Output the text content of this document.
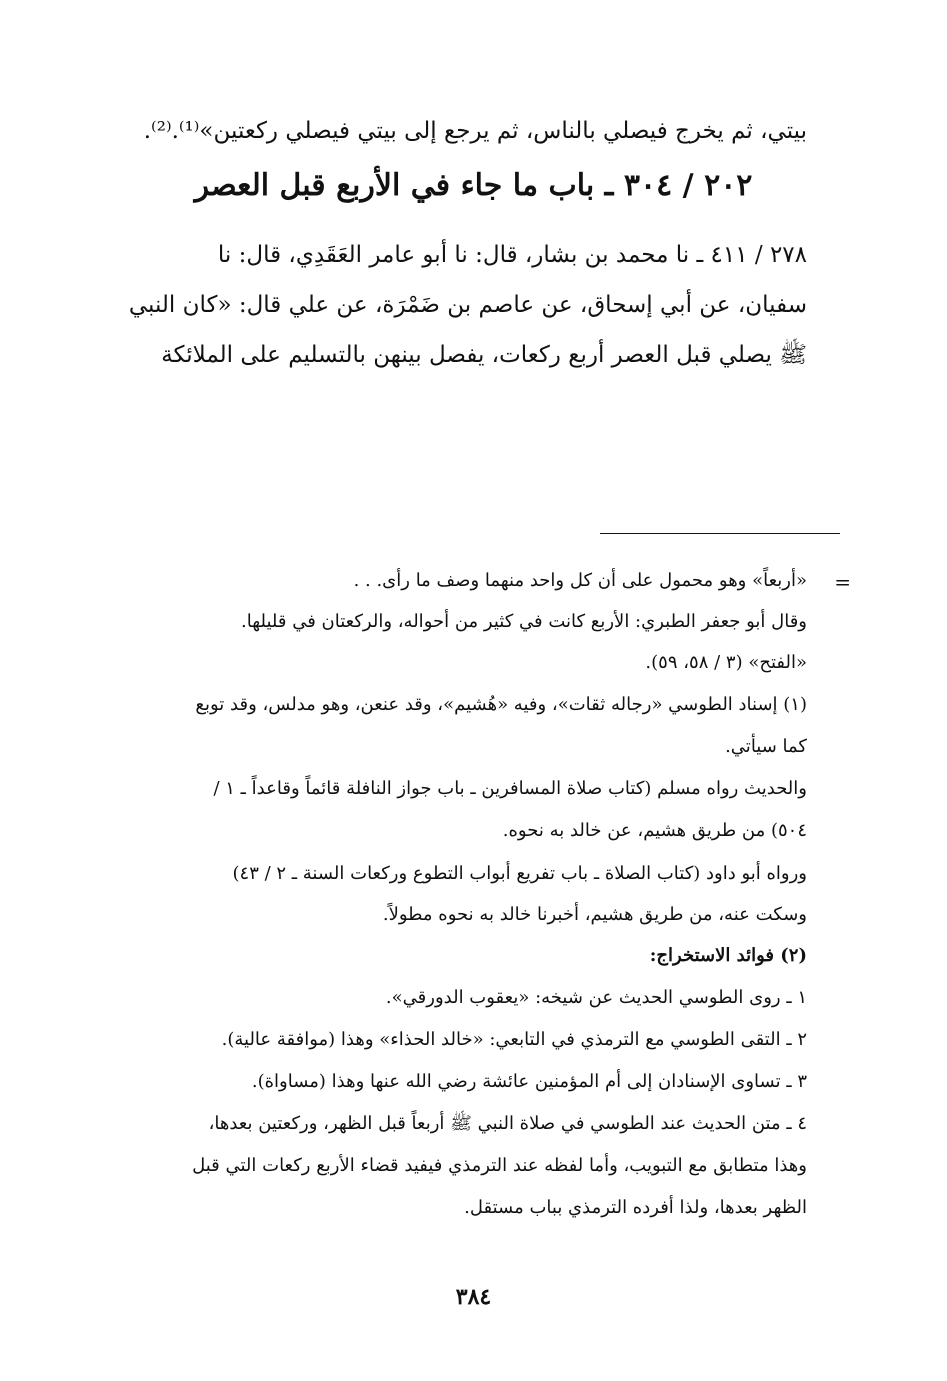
بيتي، ثم يخرج فيصلي بالناس، ثم يرجع إلى بيتي فيصلي ركعتين»⁽¹⁾.⁽²⁾.
٢٠٢ / ٣٠٤ ـ باب ما جاء في الأربع قبل العصر
٢٧٨ / ٤١١ ـ نا محمد بن بشار، قال: نا أبو عامر العَقَدِي، قال: نا
سفيان، عن أبي إسحاق، عن عاصم بن ضَمْرَة، عن علي قال: «كان النبي
ﷺ يصلي قبل العصر أربع ركعات، يفصل بينهن بالتسليم على الملائكة
=
«أربعاً» وهو محمول على أن كل واحد منهما وصف ما رأى. . .
وقال أبو جعفر الطبري: الأربع كانت في كثير من أحواله، والركعتان في قليلها.
«الفتح» (٣ / ٥٨، ٥٩).
(١) إسناد الطوسي «رجاله ثقات»، وفيه «هُشيم»، وقد عنعن، وهو مدلس، وقد توبع
كما سيأتي.
والحديث رواه مسلم (كتاب صلاة المسافرين ـ باب جواز النافلة قائماً وقاعداً ـ ١ /
٥٠٤) من طريق هشيم، عن خالد به نحوه.
ورواه أبو داود (كتاب الصلاة ـ باب تفريع أبواب التطوع وركعات السنة ـ ٢ / ٤٣)
وسكت عنه، من طريق هشيم، أخبرنا خالد به نحوه مطولاً.
(٢) فوائد الاستخراج:
١ ـ روى الطوسي الحديث عن شيخه: «يعقوب الدورقي».
٢ ـ التقى الطوسي مع الترمذي في التابعي: «خالد الحذاء» وهذا (موافقة عالية).
٣ ـ تساوى الإسنادان إلى أم المؤمنين عائشة رضي الله عنها وهذا (مساواة).
٤ ـ متن الحديث عند الطوسي في صلاة النبي ﷺ أربعاً قبل الظهر، وركعتين بعدها،
وهذا متطابق مع التبويب، وأما لفظه عند الترمذي فيفيد قضاء الأربع ركعات التي قبل
الظهر بعدها، ولذا أفرده الترمذي بباب مستقل.
٣٨٤
